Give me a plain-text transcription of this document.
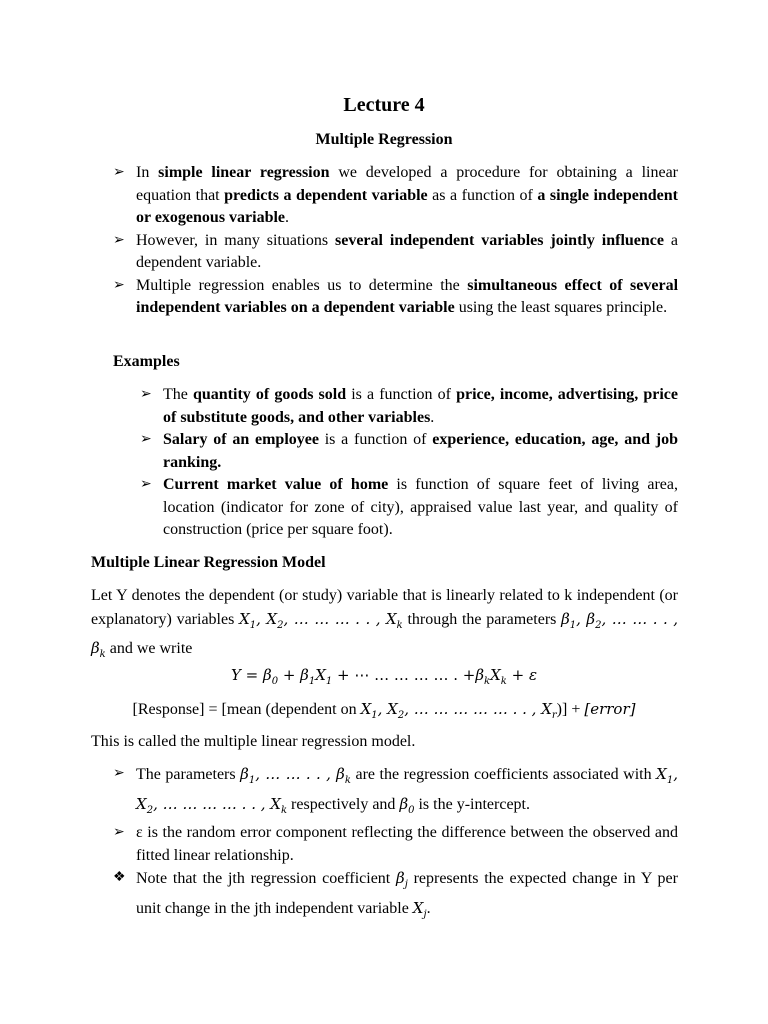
Lecture 4
Multiple Regression
➢ In simple linear regression we developed a procedure for obtaining a linear equation that predicts a dependent variable as a function of a single independent or exogenous variable.
➢ However, in many situations several independent variables jointly influence a dependent variable.
➢ Multiple regression enables us to determine the simultaneous effect of several independent variables on a dependent variable using the least squares principle.

Examples

➢ The quantity of goods sold is a function of price, income, advertising, price of substitute goods, and other variables.
➢ Salary of an employee is a function of experience, education, age, and job ranking.
➢ Current market value of home is function of square feet of living area, location (indicator for zone of city), appraised value last year, and quality of construction (price per square foot).

Multiple Linear Regression Model

Let Y denotes the dependent (or study) variable that is linearly related to k independent (or explanatory) variables $X_1$, $X_2$, … … … . . , $X_k$ through the parameters $\beta_1$, $\beta_2$, … … . . , $\beta_k$ and we write

$Y = \beta_0 + \beta_1X_1$ + ⋯ … … … … . $+\beta_kX_k + \varepsilon$
[Response] = [mean (dependent on $X_1$, $X_2$, … … … … … . . , $X_r$)] + [error]

This is called the multiple linear regression model.

➢ The parameters $\beta_1$, … … . . , $\beta_k$ are the regression coefficients associated with $X_1$, $X_2$, … … … … . . , $X_k$ respectively and $\beta_0$ is the y-intercept.
➢ ε is the random error component reflecting the difference between the observed and fitted linear relationship.
❖ Note that the jth regression coefficient $\beta_j$ represents the expected change in Y per unit change in the jth independent variable $X_j$.
